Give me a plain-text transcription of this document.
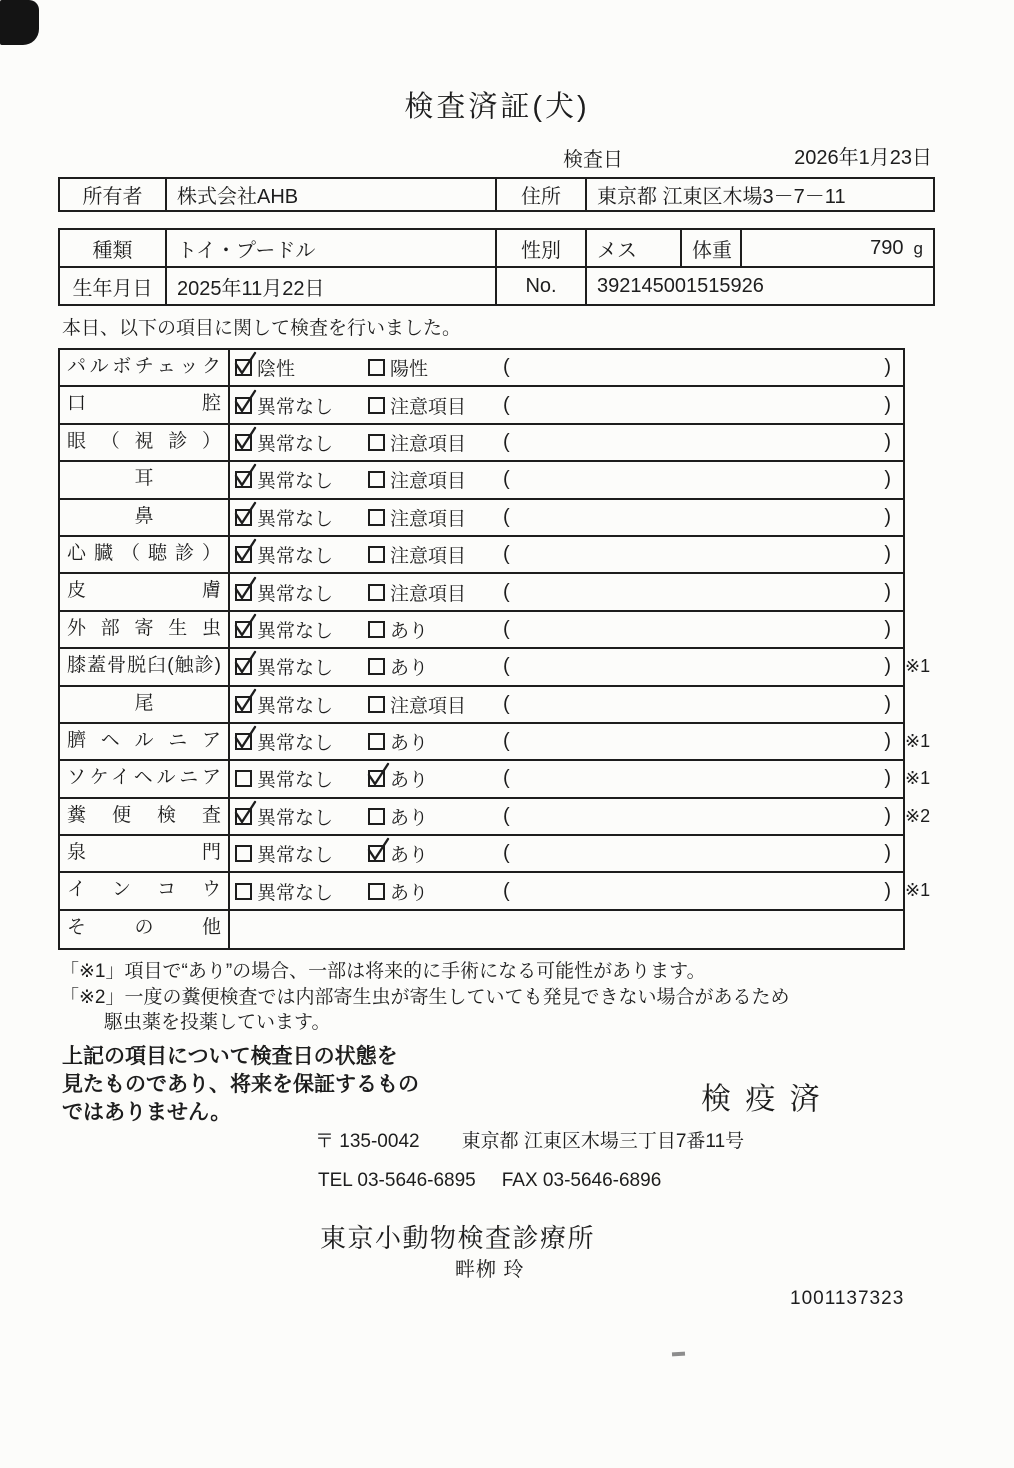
検査済証(犬)
検査日	2026年1月23日
所有者	株式会社AHB	住所	東京都 江東区木場3－7－11
種類	トイ・プードル	性別	メス	体重	790 g
生年月日	2025年11月22日	No.	392145001515926		
本日、以下の項目に関して検査を行いました。
パルボチェック	陰性	陽性	(	)
口腔	異常なし	注意項目 (	)
眼（視診）	異常なし	注意項目 (	)
耳	異常なし	注意項目 (	)
鼻	異常なし	注意項目 (	)
心臓（聴診）	異常なし	注意項目 (	)
皮膚	異常なし	注意項目 (	)
外部寄生虫	異常なし	あり	(	)
膝蓋骨脱臼(触診)	異常なし	あり	(	) ※1
尾	異常なし	注意項目 (	)
臍ヘルニア	異常なし	あり	(	) ※1
ソケイヘルニア	異常なし	あり	(	) ※1
糞便検査	異常なし	あり	(	) ※2
泉門	異常なし	あり	(	)
インコウ	異常なし	あり	(	) ※1
その他
「※1」項目で“あり”の場合、一部は将来的に手術になる可能性があります。
「※2」一度の糞便検査では内部寄生虫が寄生していても発見できない場合があるため
駆虫薬を投薬しています。
上記の項目について検査日の状態を
見たものであり、将来を保証するもの
ではありません。	検 疫 済
〒 135-0042 東京都 江東区木場三丁目7番11号
TEL 03-5646-6895 FAX 03-5646-6896
東京小動物検査診療所
畔栁 玲
1001137323
